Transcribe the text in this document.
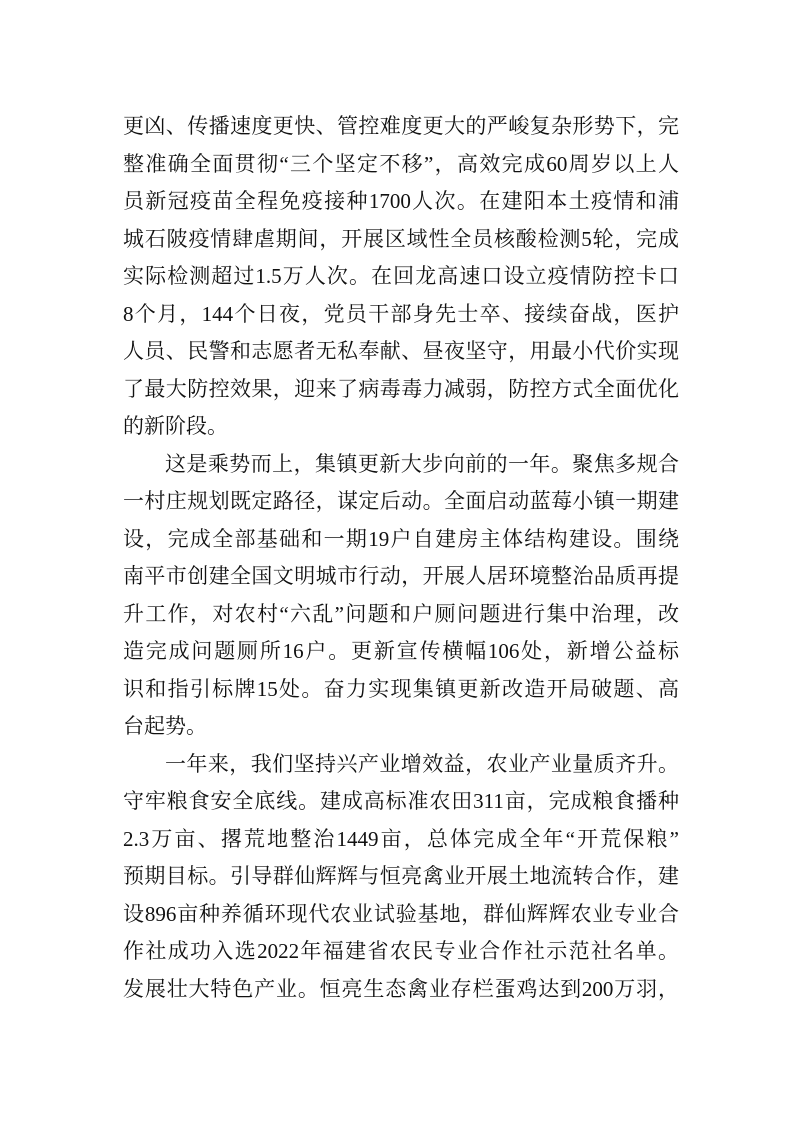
更凶、传播速度更快、管控难度更大的严峻复杂形势下，完
整准确全面贯彻“三个坚定不移”，高效完成60周岁以上人
员新冠疫苗全程免疫接种1700人次。在建阳本土疫情和浦
城石陂疫情肆虐期间，开展区域性全员核酸检测5轮，完成
实际检测超过1.5万人次。在回龙高速口设立疫情防控卡口
8个月，144个日夜，党员干部身先士卒、接续奋战，医护
人员、民警和志愿者无私奉献、昼夜坚守，用最小代价实现
了最大防控效果，迎来了病毒毒力减弱，防控方式全面优化
的新阶段。
这是乘势而上，集镇更新大步向前的一年。聚焦多规合
一村庄规划既定路径，谋定后动。全面启动蓝莓小镇一期建
设，完成全部基础和一期19户自建房主体结构建设。围绕
南平市创建全国文明城市行动，开展人居环境整治品质再提
升工作，对农村“六乱”问题和户厕问题进行集中治理，改
造完成问题厕所16户。更新宣传横幅106处，新增公益标
识和指引标牌15处。奋力实现集镇更新改造开局破题、高
台起势。
一年来，我们坚持兴产业增效益，农业产业量质齐升。
守牢粮食安全底线。建成高标准农田311亩，完成粮食播种
2.3万亩、撂荒地整治1449亩，总体完成全年“开荒保粮”
预期目标。引导群仙辉辉与恒亮禽业开展土地流转合作，建
设896亩种养循环现代农业试验基地，群仙辉辉农业专业合
作社成功入选2022年福建省农民专业合作社示范社名单。
发展壮大特色产业。恒亮生态禽业存栏蛋鸡达到200万羽，
